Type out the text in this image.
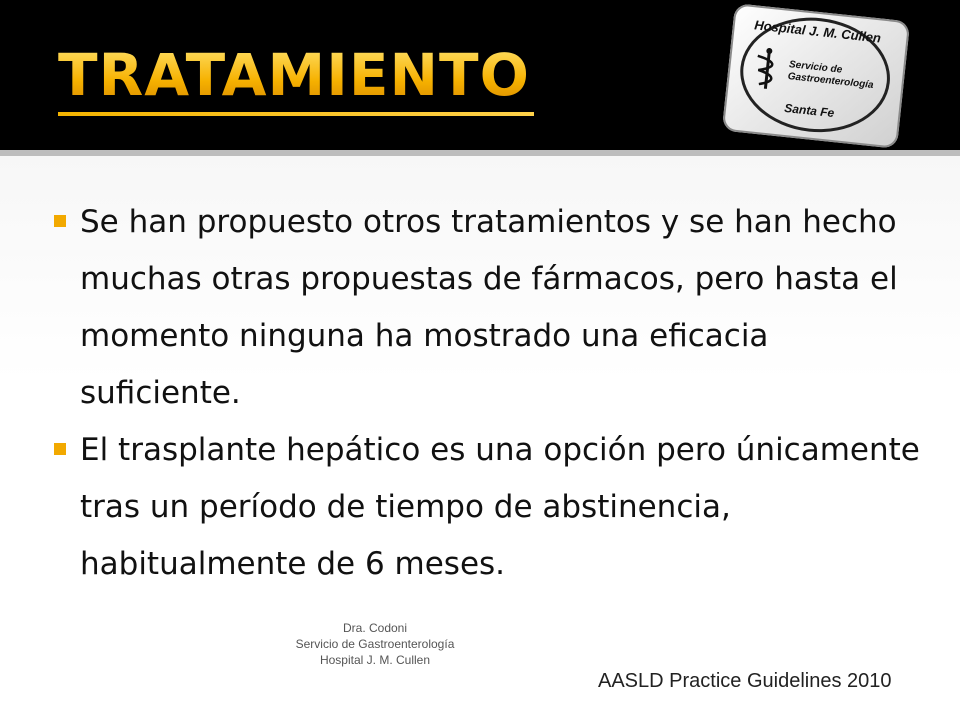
TRATAMIENTO
Hospital J. M. Cullen
Servicio de
Gastroenterología
Santa Fe
Se han propuesto otros tratamientos y se han hecho muchas otras propuestas de fármacos, pero hasta el momento ninguna ha mostrado una eficacia suficiente.
El trasplante hepático es una opción pero únicamente tras un período de tiempo de abstinencia, habitualmente de 6 meses.
Dra. Codoni
Servicio de Gastroenterología
Hospital J. M. Cullen
AASLD Practice Guidelines 2010
